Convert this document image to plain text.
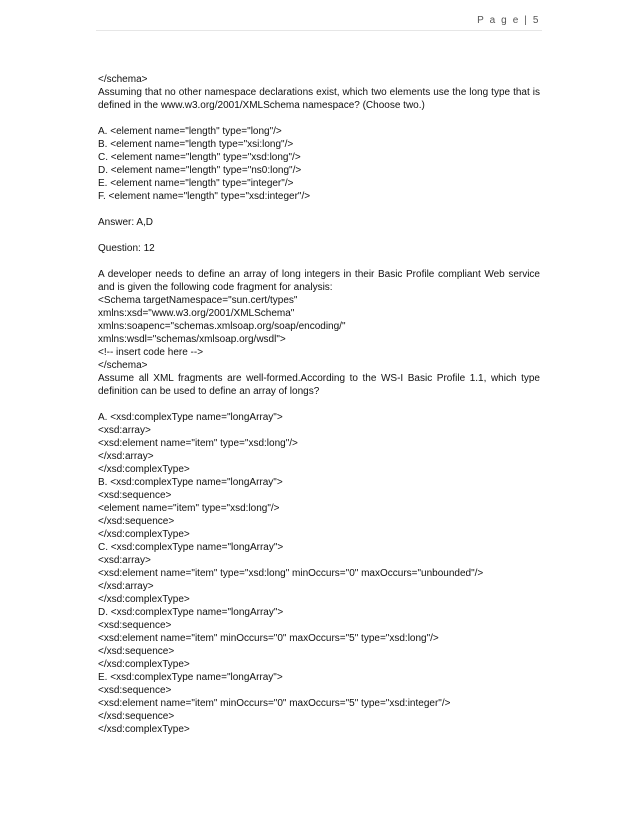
P a g e | 5
</schema>
Assuming that no other namespace declarations exist, which two elements use the long type that is
defined in the www.w3.org/2001/XMLSchema namespace? (Choose two.)
A. <element name="length" type="long"/>
B. <element name="length type="xsi:long"/>
C. <element name="length" type="xsd:long"/>
D. <element name="length" type="ns0:long"/>
E. <element name="length" type="integer"/>
F. <element name="length" type="xsd:integer"/>
Answer: A,D
Question: 12
A developer needs to define an array of long integers in their Basic Profile compliant Web service
and is given the following code fragment for analysis:
<Schema targetNamespace="sun.cert/types"
xmlns:xsd="www.w3.org/2001/XMLSchema"
xmlns:soapenc="schemas.xmlsoap.org/soap/encoding/"
xmlns:wsdl="schemas/xmlsoap.org/wsdl">
<!-- insert code here -->
</schema>
Assume all XML fragments are well-formed.According to the WS-I Basic Profile 1.1, which type
definition can be used to define an array of longs?
A. <xsd:complexType name="longArray">
<xsd:array>
<xsd:element name="item" type="xsd:long"/>
</xsd:array>
</xsd:complexType>
B. <xsd:complexType name="longArray">
<xsd:sequence>
<element name="item" type="xsd:long"/>
</xsd:sequence>
</xsd:complexType>
C. <xsd:complexType name="longArray">
<xsd:array>
<xsd:element name="item" type="xsd:long" minOccurs="0" maxOccurs="unbounded"/>
</xsd:array>
</xsd:complexType>
D. <xsd:complexType name="longArray">
<xsd:sequence>
<xsd:element name="item" minOccurs="0" maxOccurs="5" type="xsd:long"/>
</xsd:sequence>
</xsd:complexType>
E. <xsd:complexType name="longArray">
<xsd:sequence>
<xsd:element name="item" minOccurs="0" maxOccurs="5" type="xsd:integer"/>
</xsd:sequence>
</xsd:complexType>
